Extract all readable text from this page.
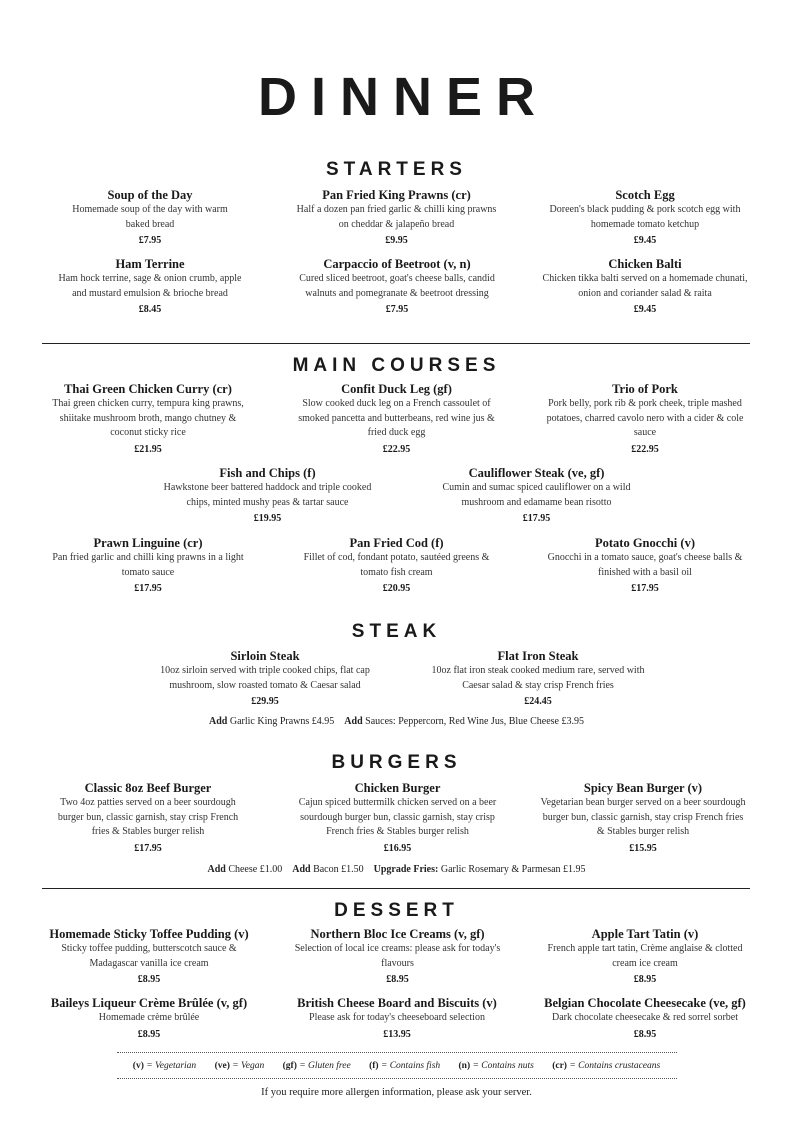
DINNER
STARTERS
Soup of the Day
Homemade soup of the day with warm baked bread
£7.95
Pan Fried King Prawns (cr)
Half a dozen pan fried garlic & chilli king prawns on cheddar & jalapeño bread
£9.95
Scotch Egg
Doreen's black pudding & pork scotch egg with homemade tomato ketchup
£9.45
Ham Terrine
Ham hock terrine, sage & onion crumb, apple and mustard emulsion & brioche bread
£8.45
Carpaccio of Beetroot (v, n)
Cured sliced beetroot, goat's cheese balls, candid walnuts and pomegranate & beetroot dressing
£7.95
Chicken Balti
Chicken tikka balti served on a homemade chunati, onion and coriander salad & raita
£9.45
MAIN COURSES
Thai Green Chicken Curry (cr)
Thai green chicken curry, tempura king prawns, shiitake mushroom broth, mango chutney & coconut sticky rice
£21.95
Confit Duck Leg (gf)
Slow cooked duck leg on a French cassoulet of smoked pancetta and butterbeans, red wine jus & fried duck egg
£22.95
Trio of Pork
Pork belly, pork rib & pork cheek, triple mashed potatoes, charred cavolo nero with a cider & cole sauce
£22.95
Fish and Chips (f)
Hawkstone beer battered haddock and triple cooked chips, minted mushy peas & tartar sauce
£19.95
Cauliflower Steak (ve, gf)
Cumin and sumac spiced cauliflower on a wild mushroom and edamame bean risotto
£17.95
Prawn Linguine (cr)
Pan fried garlic and chilli king prawns in a light tomato sauce
£17.95
Pan Fried Cod (f)
Fillet of cod, fondant potato, sautéed greens & tomato fish cream
£20.95
Potato Gnocchi (v)
Gnocchi in a tomato sauce, goat's cheese balls & finished with a basil oil
£17.95
STEAK
Sirloin Steak
10oz sirloin served with triple cooked chips, flat cap mushroom, slow roasted tomato & Caesar salad
£29.95
Flat Iron Steak
10oz flat iron steak cooked medium rare, served with Caesar salad & stay crisp French fries
£24.45
Add Garlic King Prawns £4.95 Add Sauces: Peppercorn, Red Wine Jus, Blue Cheese £3.95
BURGERS
Classic 8oz Beef Burger
Two 4oz patties served on a beer sourdough burger bun, classic garnish, stay crisp French fries & Stables burger relish
£17.95
Chicken Burger
Cajun spiced buttermilk chicken served on a beer sourdough burger bun, classic garnish, stay crisp French fries & Stables burger relish
£16.95
Spicy Bean Burger (v)
Vegetarian bean burger served on a beer sourdough burger bun, classic garnish, stay crisp French fries & Stables burger relish
£15.95
Add Cheese £1.00 Add Bacon £1.50 Upgrade Fries: Garlic Rosemary & Parmesan £1.95
DESSERT
Homemade Sticky Toffee Pudding (v)
Sticky toffee pudding, butterscotch sauce & Madagascar vanilla ice cream
£8.95
Northern Bloc Ice Creams (v, gf)
Selection of local ice creams: please ask for today's flavours
£8.95
Apple Tart Tatin (v)
French apple tart tatin, Crème anglaise & clotted cream ice cream
£8.95
Baileys Liqueur Crème Brûlée (v, gf)
Homemade crème brûlée
£8.95
British Cheese Board and Biscuits (v)
Please ask for today's cheeseboard selection
£13.95
Belgian Chocolate Cheesecake (ve, gf)
Dark chocolate cheesecake & red sorrel sorbet
£8.95
(v) = Vegetarian (ve) = Vegan (gf) = Gluten free (f) = Contains fish (n) = Contains nuts (cr) = Contains crustaceans
If you require more allergen information, please ask your server.
